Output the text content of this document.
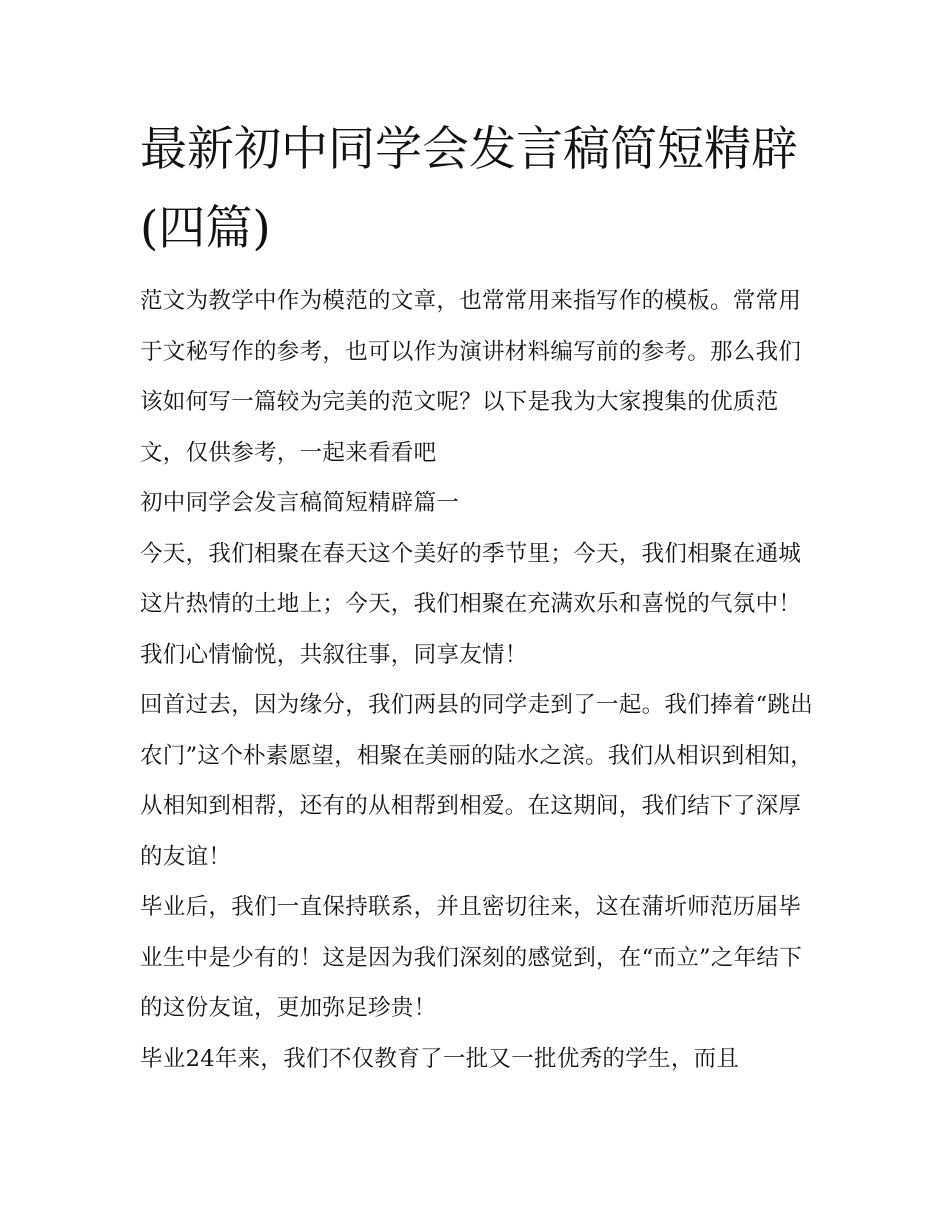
最新初中同学会发言稿简短精辟(四篇)

范文为教学中作为模范的文章，也常常用来指写作的模板。常常用于文秘写作的参考，也可以作为演讲材料编写前的参考。那么我们该如何写一篇较为完美的范文呢？以下是我为大家搜集的优质范文，仅供参考，一起来看看吧

初中同学会发言稿简短精辟篇一

今天，我们相聚在春天这个美好的季节里；今天，我们相聚在通城这片热情的土地上；今天，我们相聚在充满欢乐和喜悦的气氛中！我们心情愉悦，共叙往事，同享友情！

回首过去，因为缘分，我们两县的同学走到了一起。我们捧着“跳出农门”这个朴素愿望，相聚在美丽的陆水之滨。我们从相识到相知，从相知到相帮，还有的从相帮到相爱。在这期间，我们结下了深厚的友谊！

毕业后，我们一直保持联系，并且密切往来，这在蒲圻师范历届毕业生中是少有的！这是因为我们深刻的感觉到，在“而立”之年结下的这份友谊，更加弥足珍贵！

毕业24年来，我们不仅教育了一批又一批优秀的学生，而且
